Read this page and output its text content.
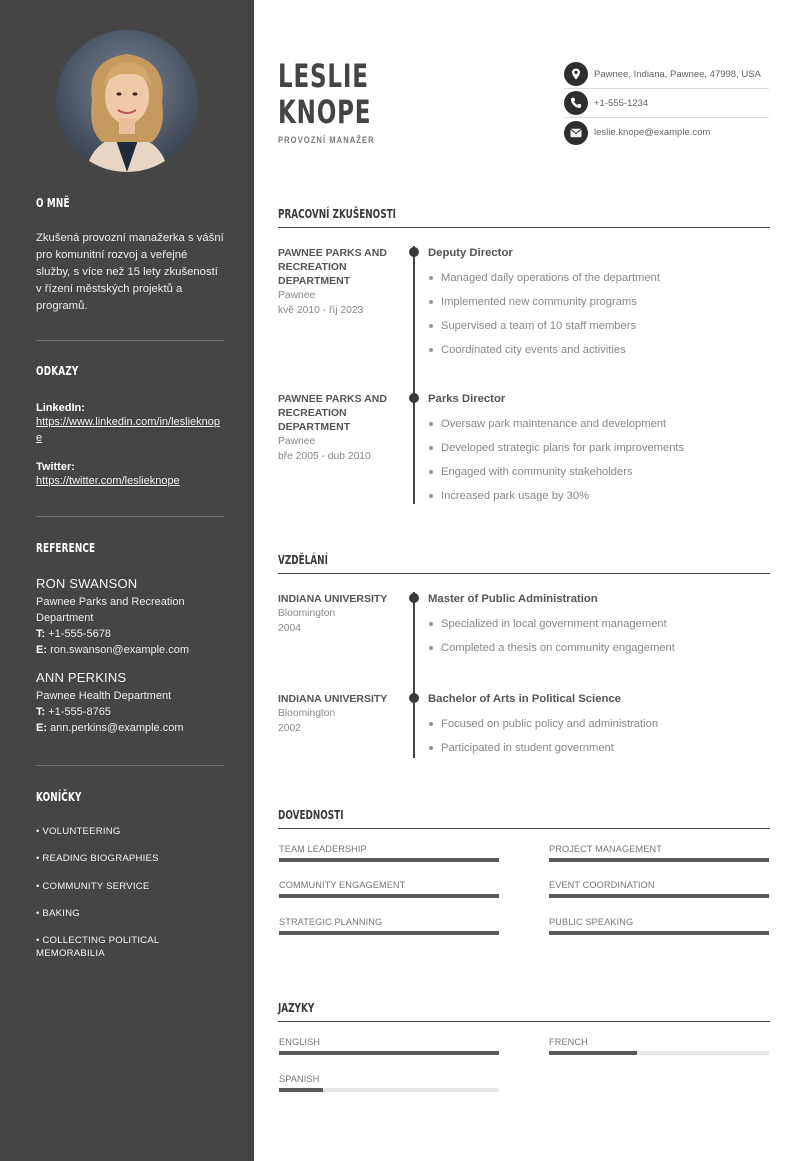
O MNĚ

Zkušená provozní manažerka s vášní pro komunitní rozvoj a veřejné služby, s více než 15 lety zkušeností v řízení městských projektů a programů.

ODKAZY
LinkedIn:
https://www.linkedin.com/in/leslieknope
Twitter:
https://twitter.com/leslieknope
REFERENCE
RON SWANSON
Pawnee Parks and Recreation Department
T: +1-555-5678
E: ron.swanson@example.com
ANN PERKINS
Pawnee Health Department
T: +1-555-8765
E: ann.perkins@example.com
KONÍČKY
• VOLUNTEERING
• READING BIOGRAPHIES
• COMMUNITY SERVICE
• BAKING
• COLLECTING POLITICAL MEMORABILIA
LESLIE
KNOPE
PROVOZNÍ MANAŽER
Pawnee, Indiana, Pawnee, 47998, USA
+1-555-1234
leslie.knope@example.com
PRACOVNÍ ZKUŠENOSTI
PAWNEE PARKS AND RECREATION DEPARTMENT
Pawnee
kvě 2010 - říj 2023
Deputy Director
Managed daily operations of the department
Implemented new community programs
Supervised a team of 10 staff members
Coordinated city events and activities
PAWNEE PARKS AND RECREATION DEPARTMENT
Pawnee
bře 2005 - dub 2010
Parks Director
Oversaw park maintenance and development
Developed strategic plans for park improvements
Engaged with community stakeholders
Increased park usage by 30%
VZDĚLÁNÍ
INDIANA UNIVERSITY
Bloomington
2004
Master of Public Administration
Specialized in local government management
Completed a thesis on community engagement
INDIANA UNIVERSITY
Bloomington
2002
Bachelor of Arts in Political Science
Focused on public policy and administration
Participated in student government
DOVEDNOSTI
TEAM LEADERSHIP	PROJECT MANAGEMENT
COMMUNITY ENGAGEMENT	EVENT COORDINATION
STRATEGIC PLANNING	PUBLIC SPEAKING
JAZYKY
ENGLISH	FRENCH
SPANISH
